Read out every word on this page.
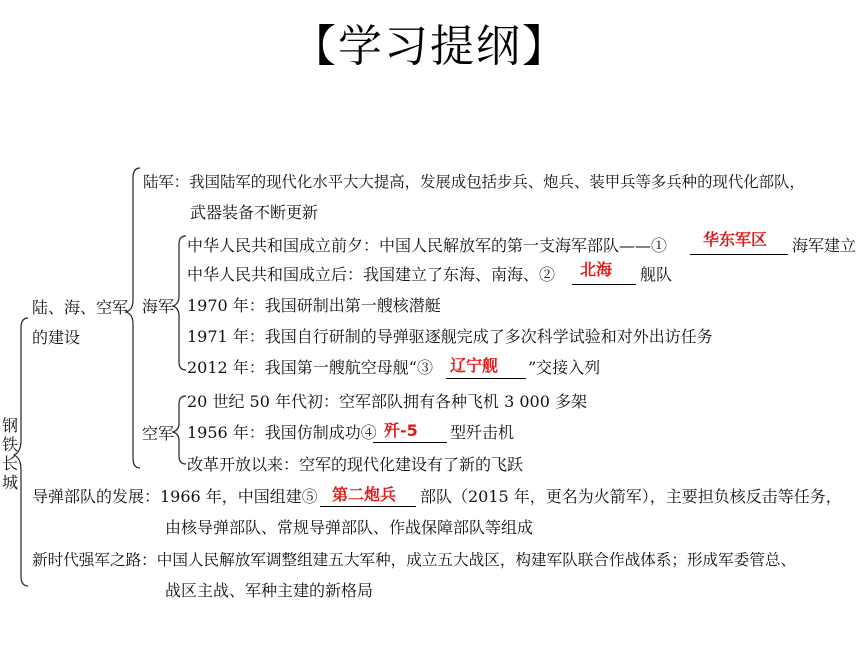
【学习提纲】
钢铁长城
陆、海、空军
的建设
陆军：我国陆军的现代化水平大大提高，发展成包括步兵、炮兵、装甲兵等多兵种的现代化部队，
武器装备不断更新
海军
中华人民共和国成立前夕：中国人民解放军的第一支海军部队——① 华东军区 海军建立
中华人民共和国成立后：我国建立了东海、南海、② 北海 舰队
1970 年：我国研制出第一艘核潜艇
1971 年：我国自行研制的导弹驱逐舰完成了多次科学试验和对外出访任务
2012 年：我国第一艘航空母舰“③ 辽宁舰 ”交接入列
空军
20 世纪 50 年代初：空军部队拥有各种飞机 3 000 多架
1956 年：我国仿制成功④ 歼-5 型歼击机
改革开放以来：空军的现代化建设有了新的飞跃
导弹部队的发展：1966 年，中国组建⑤ 第二炮兵 部队（2015 年，更名为火箭军），主要担负核反击等任务，
由核导弹部队、常规导弹部队、作战保障部队等组成
新时代强军之路：中国人民解放军调整组建五大军种，成立五大战区，构建军队联合作战体系；形成军委管总、
战区主战、军种主建的新格局
